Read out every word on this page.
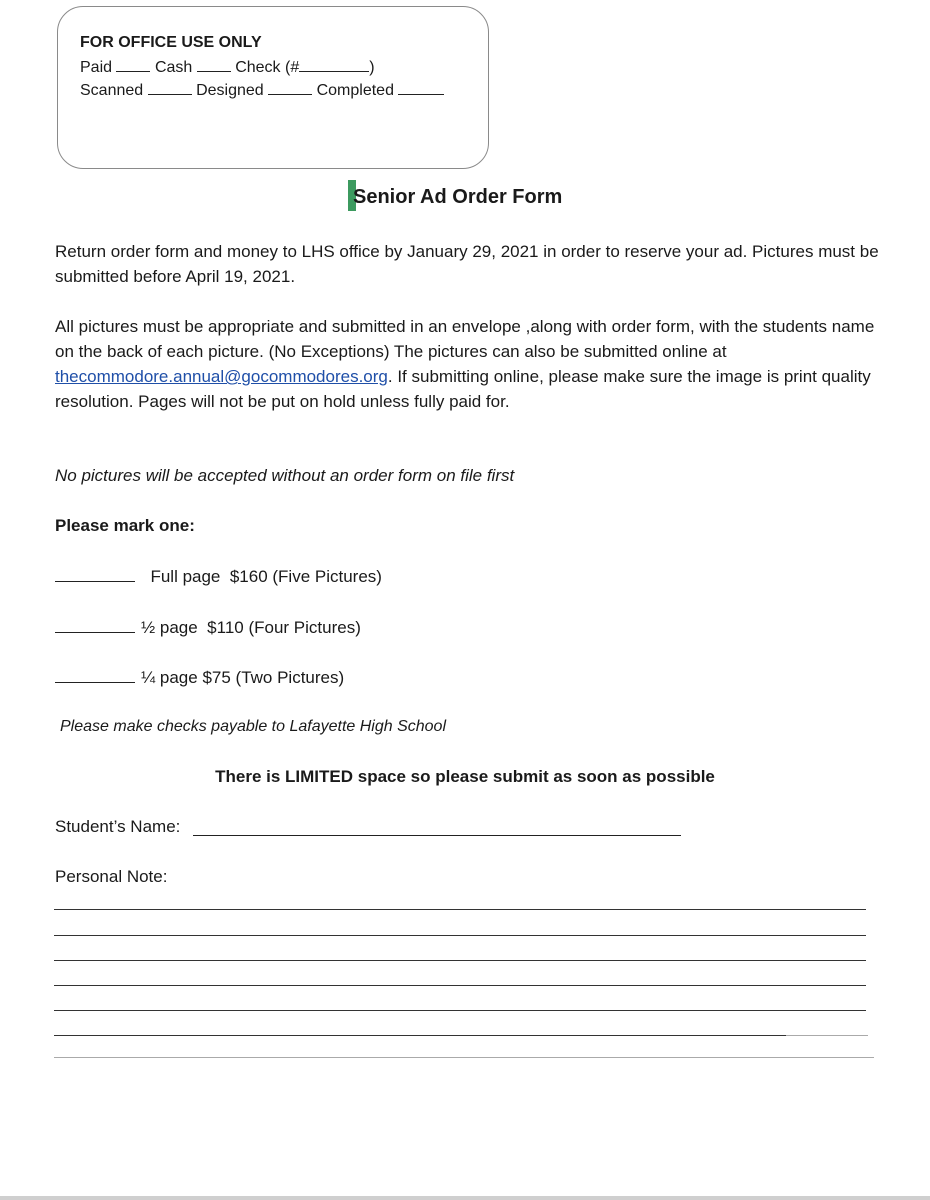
FOR OFFICE USE ONLY
Paid	Cash	Check (#	)
Scanned	Designed	Completed
Senior Ad Order Form
Return order form and money to LHS office by January 29, 2021 in order to reserve your ad. Pictures must be submitted before April 19, 2021.
All pictures must be appropriate and submitted in an envelope ,along with order form, with the students name on the back of each picture. (No Exceptions) The pictures can also be submitted online at thecommodore.annual@gocommodores.org. If submitting online, please make sure the image is print quality resolution. Pages will not be put on hold unless fully paid for.
No pictures will be accepted without an order form on file first
Please mark one:
Full page  $160 (Five Pictures)
½ page  $110 (Four Pictures)
¼ page $75 (Two Pictures)
Please make checks payable to Lafayette High School
There is LIMITED space so please submit as soon as possible
Student’s Name:
Personal Note:
